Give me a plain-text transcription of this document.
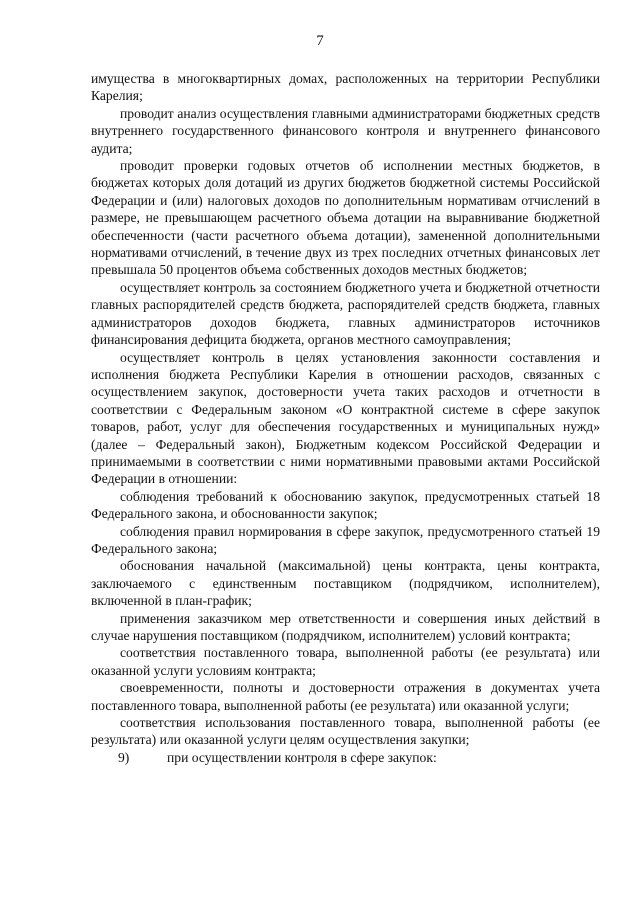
7

имущества в многоквартирных домах, расположенных на территории Республики Карелия;

проводит анализ осуществления главными администраторами бюджетных средств внутреннего государственного финансового контроля и внутреннего финансового аудита;

проводит проверки годовых отчетов об исполнении местных бюджетов, в бюджетах которых доля дотаций из других бюджетов бюджетной системы Российской Федерации и (или) налоговых доходов по дополнительным нормативам отчислений в размере, не превышающем расчетного объема дотации на выравнивание бюджетной обеспеченности (части расчетного объема дотации), замененной дополнительными нормативами отчислений, в течение двух из трех последних отчетных финансовых лет превышала 50 процентов объема собственных доходов местных бюджетов;

осуществляет контроль за состоянием бюджетного учета и бюджетной отчетности главных распорядителей средств бюджета, распорядителей средств бюджета, главных администраторов доходов бюджета, главных администраторов источников финансирования дефицита бюджета, органов местного самоуправления;

осуществляет контроль в целях установления законности составления и исполнения бюджета Республики Карелия в отношении расходов, связанных с осуществлением закупок, достоверности учета таких расходов и отчетности в соответствии с Федеральным законом «О контрактной системе в сфере закупок товаров, работ, услуг для обеспечения государственных и муниципальных нужд» (далее – Федеральный закон), Бюджетным кодексом Российской Федерации и принимаемыми в соответствии с ними нормативными правовыми актами Российской Федерации в отношении:

соблюдения требований к обоснованию закупок, предусмотренных статьей 18 Федерального закона, и обоснованности закупок;

соблюдения правил нормирования в сфере закупок, предусмотренного статьей 19 Федерального закона;

обоснования начальной (максимальной) цены контракта, цены контракта, заключаемого с единственным поставщиком (подрядчиком, исполнителем), включенной в план-график;

применения заказчиком мер ответственности и совершения иных действий в случае нарушения поставщиком (подрядчиком, исполнителем) условий контракта;

соответствия поставленного товара, выполненной работы (ее результата) или оказанной услуги условиям контракта;

своевременности, полноты и достоверности отражения в документах учета поставленного товара, выполненной работы (ее результата) или оказанной услуги;

соответствия использования поставленного товара, выполненной работы (ее результата) или оказанной услуги целям осуществления закупки;

9)	при осуществлении контроля в сфере закупок:
